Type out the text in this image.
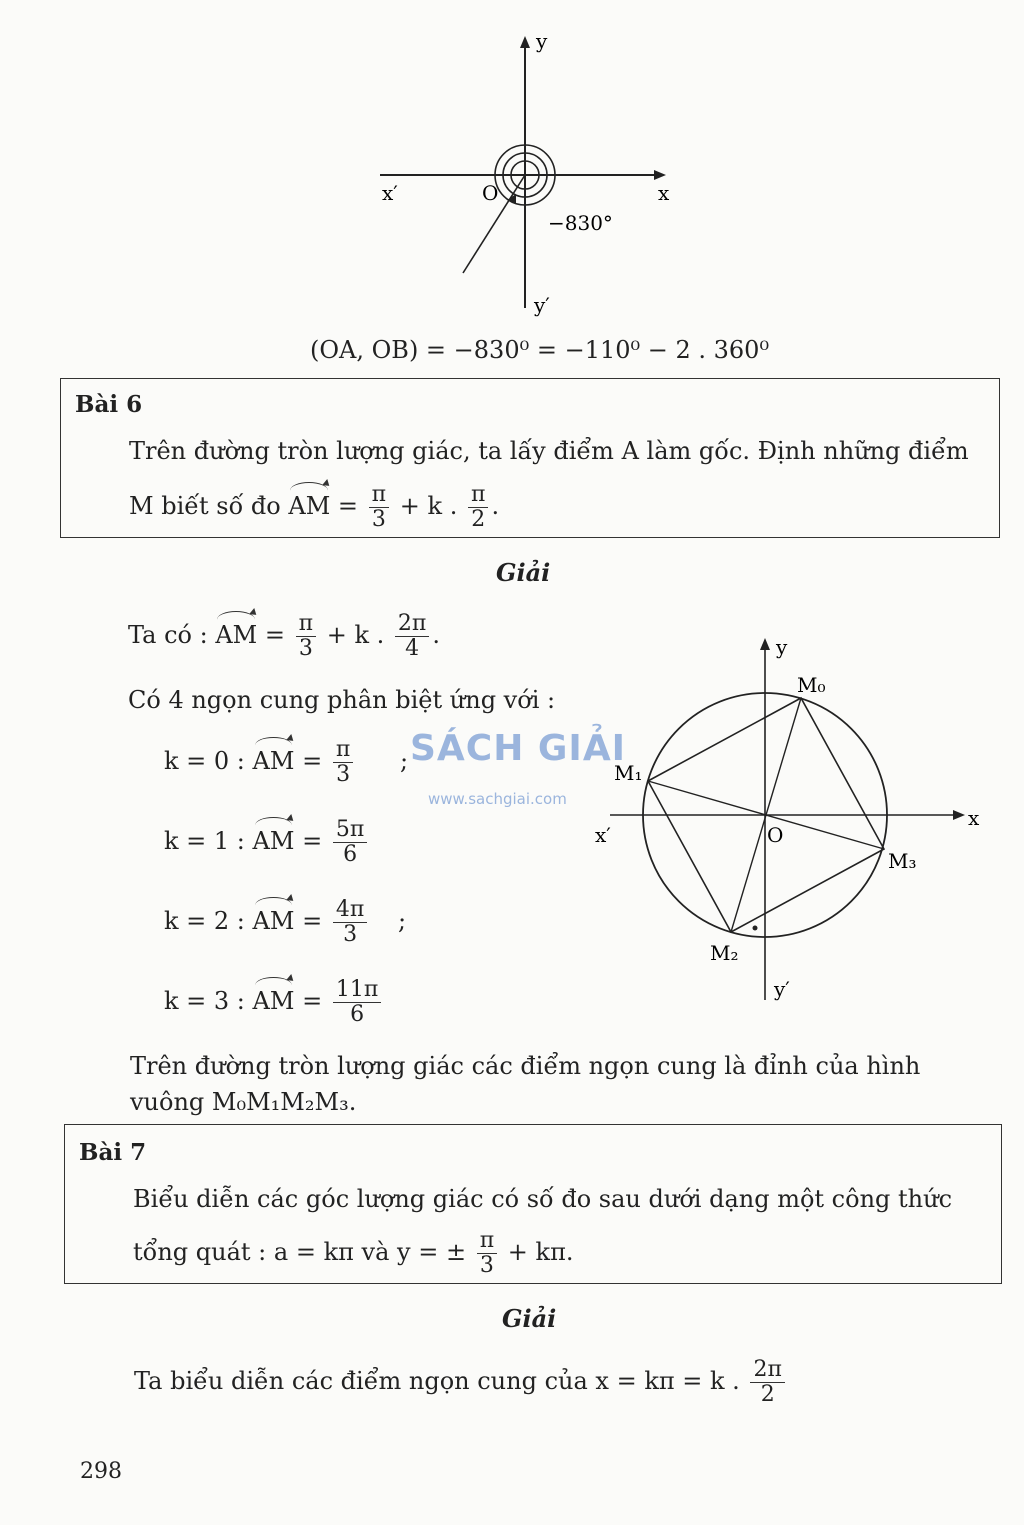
y
x
x′
y′
O
−830°
(OA, OB) = −830⁰ = −110⁰ − 2 . 360⁰
Bài 6
Trên đường tròn lượng giác, ta lấy điểm A làm gốc. Định những điểm
M biết số đo AM = $\frac{\pi}{3} + k$ . $\frac{\pi}{2}$ .
Giải
Ta có : AM = $\frac{\pi}{3} + k$ . $\frac{2\pi}{4}$ .
Có 4 ngọn cung phân biệt ứng với :
k = 0 : AM = $\frac{\pi}{3}$ ;
k = 1 : AM = $\frac{5\pi}{6}$
k = 2 : AM = $\frac{4\pi}{3}$ ;
k = 3 : AM = $\frac{11\pi}{6}$
SÁCH GIẢI
www.sachgiai.com
y
x
x′
y′
O
M₀
M₁
M₂
M₃
Trên đường tròn lượng giác các điểm ngọn cung là đỉnh của hình
vuông M₀M₁M₂M₃.
Bài 7
Biểu diễn các góc lượng giác có số đo sau dưới dạng một công thức
tổng quát : a = kπ và y = ± $\frac{\pi}{3} + k\pi$.
Giải
Ta biểu diễn các điểm ngọn cung của x = kπ = k . $\frac{2\pi}{2}$
298
